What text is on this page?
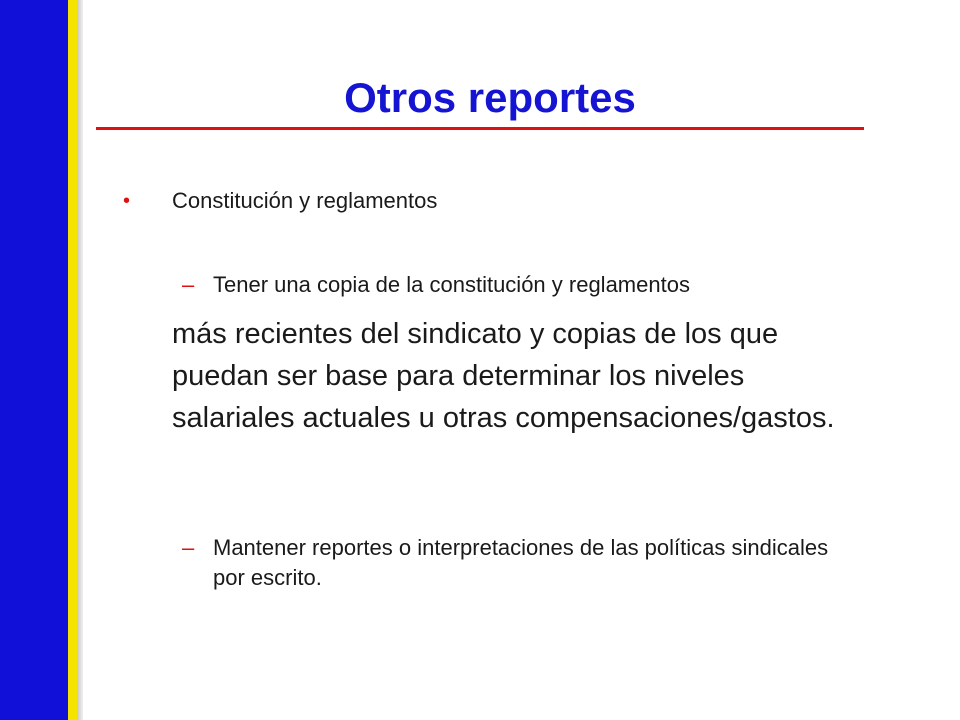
Otros reportes
• Constitución y reglamentos
– Tener una copia de la constitución y reglamentos

más recientes del sindicato y copias de los que puedan ser base para determinar los niveles salariales actuales u otras compensaciones/gastos.

– Mantener reportes o interpretaciones de las políticas sindicales por escrito.
